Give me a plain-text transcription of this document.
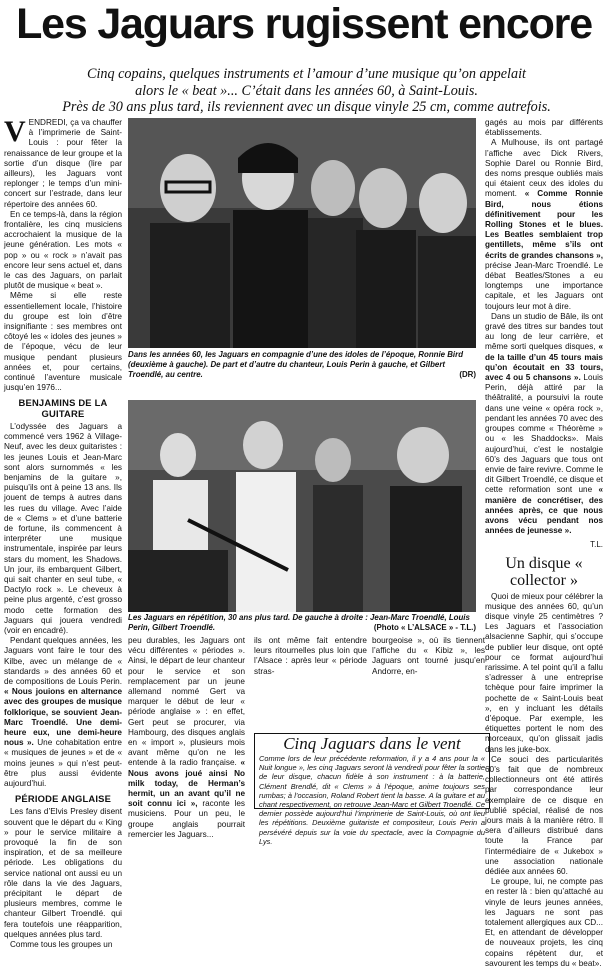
Les Jaguars rugissent encore
Cinq copains, quelques instruments et l’amour d’une musique qu’on appelait
alors le « beat »... C’était dans les années 60, à Saint-Louis.
Près de 30 ans plus tard, ils reviennent avec un disque vinyle 25 cm, comme autrefois.

VENDREDI, ça va chauffer à l’imprimerie de Saint-Louis : pour fêter la renaissance de leur groupe et la sortie d’un disque (lire par ailleurs), les Jaguars vont replonger ; le temps d’un mini-concert sur l’estrade, dans leur répertoire des années 60.

En ce temps-là, dans la région frontalière, les cinq musiciens accrochaient la musique de la jeune génération. Les mots « pop » ou « rock » n’avait pas encore leur sens actuel et, dans le cas des Jaguars, on parlait plutôt de musique « beat ».

Même si elle reste essentiellement locale, l’histoire du groupe est loin d’être insignifiante : ses membres ont côtoyé les « idoles des jeunes » de l’époque, vécu de leur musique pendant plusieurs années et, pour certains, continué l’aventure musicale jusqu’en 1976...

BENJAMINS DE LA GUITARE

L’odyssée des Jaguars a commencé vers 1962 à Village-Neuf, avec les deux guitaristes : les jeunes Louis et Jean-Marc sont alors surnommés « les benjamins de la guitare », puisqu’ils ont à peine 13 ans. Ils jouent de temps à autres dans les rues du village. Avec l’aide de « Clems » et d’une batterie de fortune, ils commencent à interpréter une musique instrumentale, inspirée par leurs stars du moment, les Shadows. Un jour, ils embarquent Gilbert, qui sait chanter en seul tube, « Dactylo rock ». Le cheveux à peine plus argenté, c’est grosso modo cette formation des Jaguars qui jouera vendredi (voir en encadré).

Pendant quelques années, les Jaguars vont faire le tour des Kilbe, avec un mélange de « standards » des années 60 et de compositions de Louis Perin. « Nous jouions en alternance avec des groupes de musique folklorique, se souvient Jean-Marc Troendlé. Une demi-heure eux, une demi-heure nous ». Une cohabitation entre « musiques de jeunes » et de « moins jeunes » qui n’est peut-être plus aussi évidente aujourd’hui.

PÉRIODE ANGLAISE

Les fans d’Elvis Presley disent souvent que le départ du « King » pour le service militaire a provoqué la fin de son inspiration, et de sa meilleure période. Les obligations du service national ont aussi eu un rôle dans la vie des Jaguars, précipitant le départ de plusieurs membres, comme le chanteur Gilbert Troendlé. qui fera toutefois une réapparition, quelques années plus tard.

Comme tous les groupes un

Dans les années 60, les Jaguars en compagnie d’une des idoles de l’époque, Ronnie Bird (deuxième à gauche). De part et d’autre du chanteur, Louis Perin à gauche, et Gilbert Troendlé, au centre.	(DR)
Les Jaguars en répétition, 30 ans plus tard. De gauche à droite : Jean-Marc Troendlé, Louis Perin, Gilbert Troendlé.	(Photo « L’ALSACE » - T.L.)

peu durables, les Jaguars ont vécu différentes « périodes ». Ainsi, le départ de leur chanteur pour le service et son remplacement par un jeune allemand nommé Gert va marquer le début de leur « période anglaise » : en effet, Gert peut se procurer, via Hambourg, des disques anglais en « import », plusieurs mois avant même qu’on ne les entende à la radio française. « Nous avons joué ainsi No milk today, de Herman’s hermit, un an avant qu’il ne soit connu ici », raconte les musiciens. Pour un peu, le groupe anglais pourrait remercier les Jaguars...

ils ont même fait entendre leurs ritournelles plus loin que l’Alsace : après leur « période stras-

bourgeoise », où ils tiennent l’affiche du « Kibiz », les Jaguars ont tourné jusqu’en Andorre, en-

Cinq Jaguars dans le vent
Comme lors de leur précédente reformation, il y a 4 ans pour la « Nuit longue », les cinq Jaguars seront là vendredi pour fêter la sortie de leur disque, chacun fidèle à son instrument : à la batterie, Clément Brendlé, dit « Clems » à l’époque, anime toujours ses rumbas; à l’occasion, Roland Robert tient la basse. A la guitare et au chant respectivement, on retrouve Jean-Marc et Gilbert Troendlé. Ce dernier possède aujourd’hui l’imprimerie de Saint-Louis, où ont lieu les répétitions. Deuxième guitariste et compositeur, Louis Perin a persévéré depuis sur la voie du spectacle, avec la Compagnie du Lys.

gagés au mois par différents établissements.

A Mulhouse, ils ont partagé l’affiche avec Dick Rivers, Sophie Darel ou Ronnie Bird, des noms presque oubliés mais qui étaient ceux des idoles du moment. « Comme Ronnie Bird, nous étions définitivement pour les Rolling Stones et le blues. Les Beatles semblaient trop gentillets, même s’ils ont écrits de grandes chansons », précise Jean-Marc Troendlé. Le débat Beatles/Stones a eu longtemps une importance capitale, et les Jaguars ont toujours leur mot à dire.

Dans un studio de Bâle, ils ont gravé des titres sur bandes tout au long de leur carrière, et même sorti quelques disques, « de la taille d’un 45 tours mais qu’on écoutait en 33 tours, avec 4 ou 5 chansons ». Louis Perin, déjà attiré par la théâtralité, a poursuivi la route dans une veine « opéra rock », pendant les années 70 avec des groupes comme « Théorème » ou « les Shaddocks». Mais aujourd’hui, c’est le nostalgie 60’s des Jaguars que tous ont envie de faire revivre. Comme le dit Gilbert Troendlé, ce disque et cette reformation sont une « manière de concrétiser, des années après, ce que nous avons vécu pendant nos années de jeunesse ».

T.L.
Un disque « collector »

Quoi de mieux pour célébrer la musique des années 60, qu’un disque vinyle 25 centimètres ? Les Jaguars et l’association alsacienne Saphir, qui s’occupe de publier leur disque, ont opté pour ce format aujourd’hui rarissime. A tel point qu’il a fallu s’adresser à une entreprise tchèque pour faire imprimer la pochette de « Saint-Louis beat », en y incluant les détails d’époque. Par exemple, les étiquettes portent le nom des morceaux, qu’on glissait jadis dans les juke-box.

Ce souci des particularités 60’s fait que de nombreux collectionneurs ont été attirés par correspondance leur exemplaire de ce disque en publié spécial, réalisé de nos jours mais à la manière rétro. Il sera d’ailleurs distribué dans toute la France par l’intermédiaire de « Jukebox » une association nationale dédiée aux années 60.

Le groupe, lui, ne compte pas en rester là : bien qu’attaché au vinyle de leurs jeunes années, les Jaguars ne sont pas totalement allergiques aux CD... Et, en attendant de développer de nouveaux projets, les cinq copains répètent dur, et savourent les temps du « beat».
